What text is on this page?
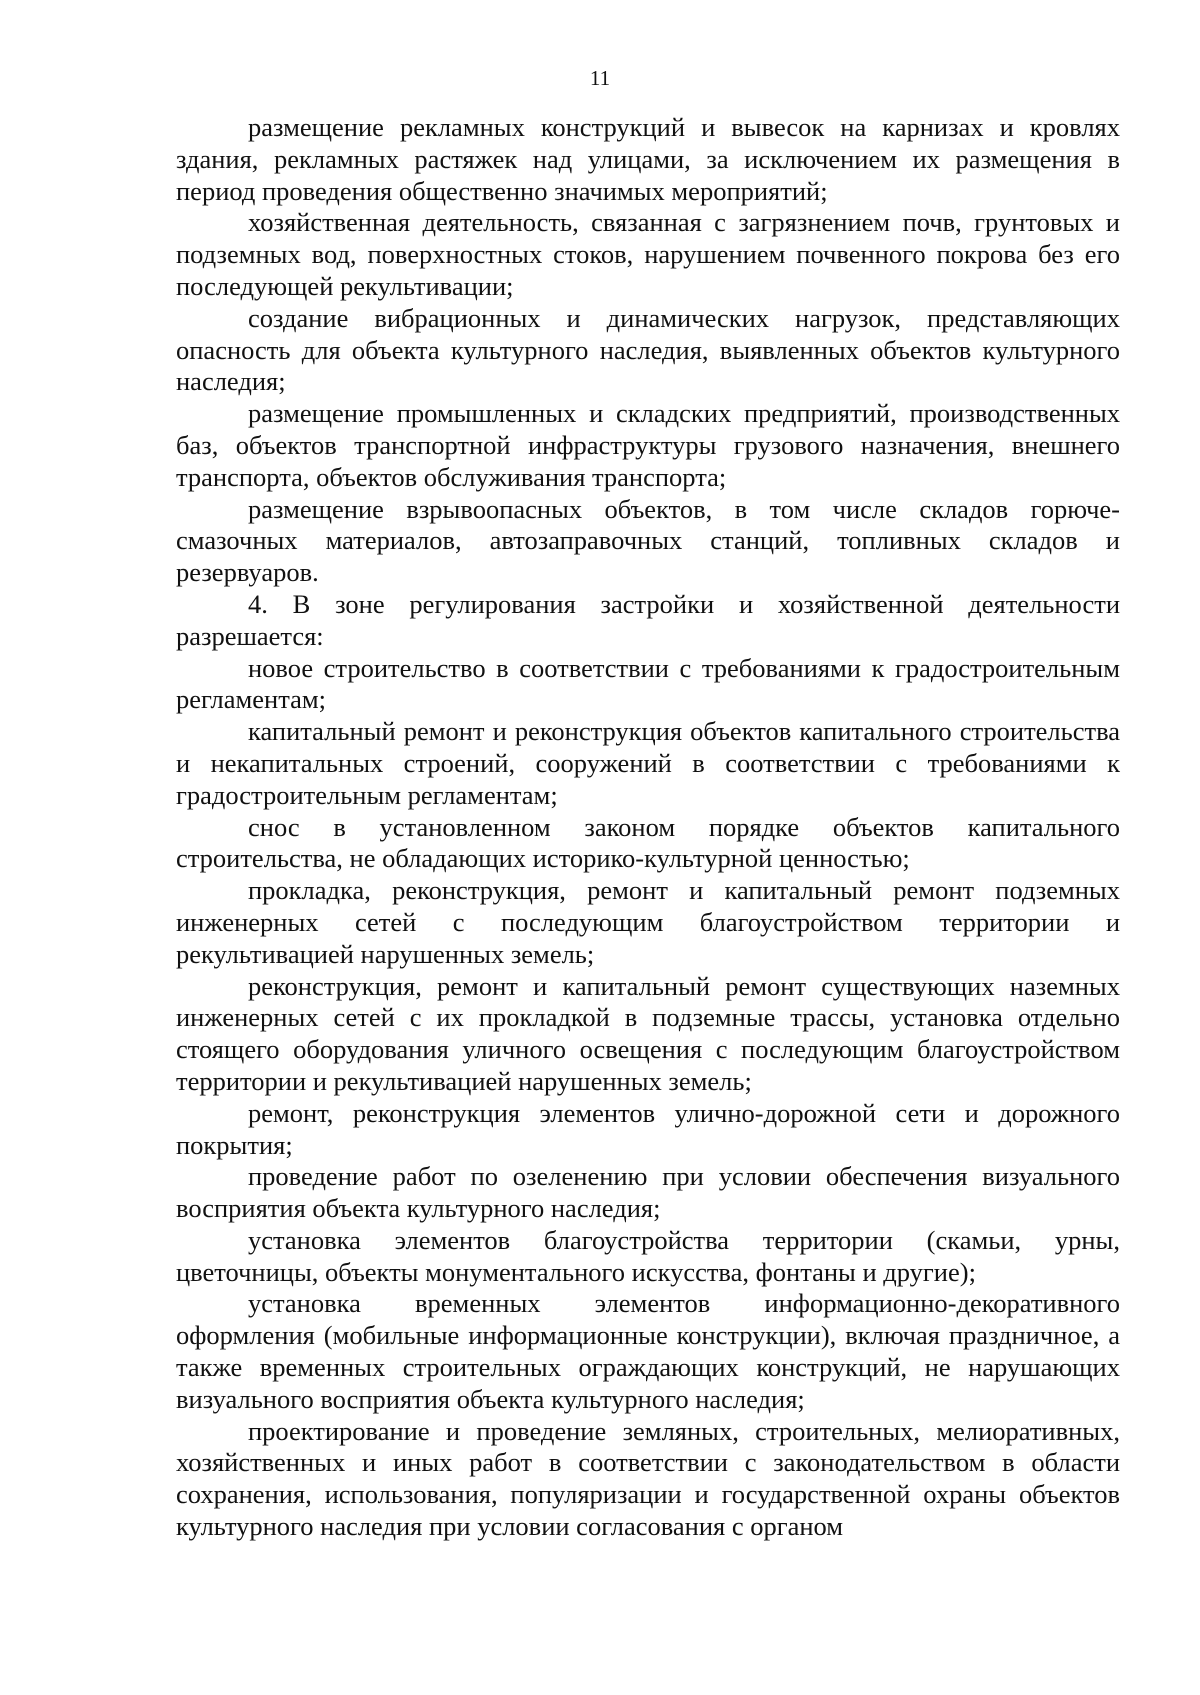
11

размещение рекламных конструкций и вывесок на карнизах и кровлях здания, рекламных растяжек над улицами, за исключением их размещения в период проведения общественно значимых мероприятий;

хозяйственная деятельность, связанная с загрязнением почв, грунтовых и подземных вод, поверхностных стоков, нарушением почвенного покрова без его последующей рекультивации;

создание вибрационных и динамических нагрузок, представляющих опасность для объекта культурного наследия, выявленных объектов культурного наследия;

размещение промышленных и складских предприятий, производственных баз, объектов транспортной инфраструктуры грузового назначения, внешнего транспорта, объектов обслуживания транспорта;

размещение взрывоопасных объектов, в том числе складов горюче-смазочных материалов, автозаправочных станций, топливных складов и резервуаров.

4. В зоне регулирования застройки и хозяйственной деятельности разрешается:

новое строительство в соответствии с требованиями к градостроительным регламентам;

капитальный ремонт и реконструкция объектов капитального строительства и некапитальных строений, сооружений в соответствии с требованиями к градостроительным регламентам;

снос в установленном законом порядке объектов капитального строительства, не обладающих историко-культурной ценностью;

прокладка, реконструкция, ремонт и капитальный ремонт подземных инженерных сетей с последующим благоустройством территории и рекультивацией нарушенных земель;

реконструкция, ремонт и капитальный ремонт существующих наземных инженерных сетей с их прокладкой в подземные трассы, установка отдельно стоящего оборудования уличного освещения с последующим благоустройством территории и рекультивацией нарушенных земель;

ремонт, реконструкция элементов улично-дорожной сети и дорожного покрытия;

проведение работ по озеленению при условии обеспечения визуального восприятия объекта культурного наследия;

установка элементов благоустройства территории (скамьи, урны, цветочницы, объекты монументального искусства, фонтаны и другие);

установка временных элементов информационно-декоративного оформления (мобильные информационные конструкции), включая праздничное, а также временных строительных ограждающих конструкций, не нарушающих визуального восприятия объекта культурного наследия;

проектирование и проведение земляных, строительных, мелиоративных, хозяйственных и иных работ в соответствии с законодательством в области сохранения, использования, популяризации и государственной охраны объектов культурного наследия при условии согласования с органом
